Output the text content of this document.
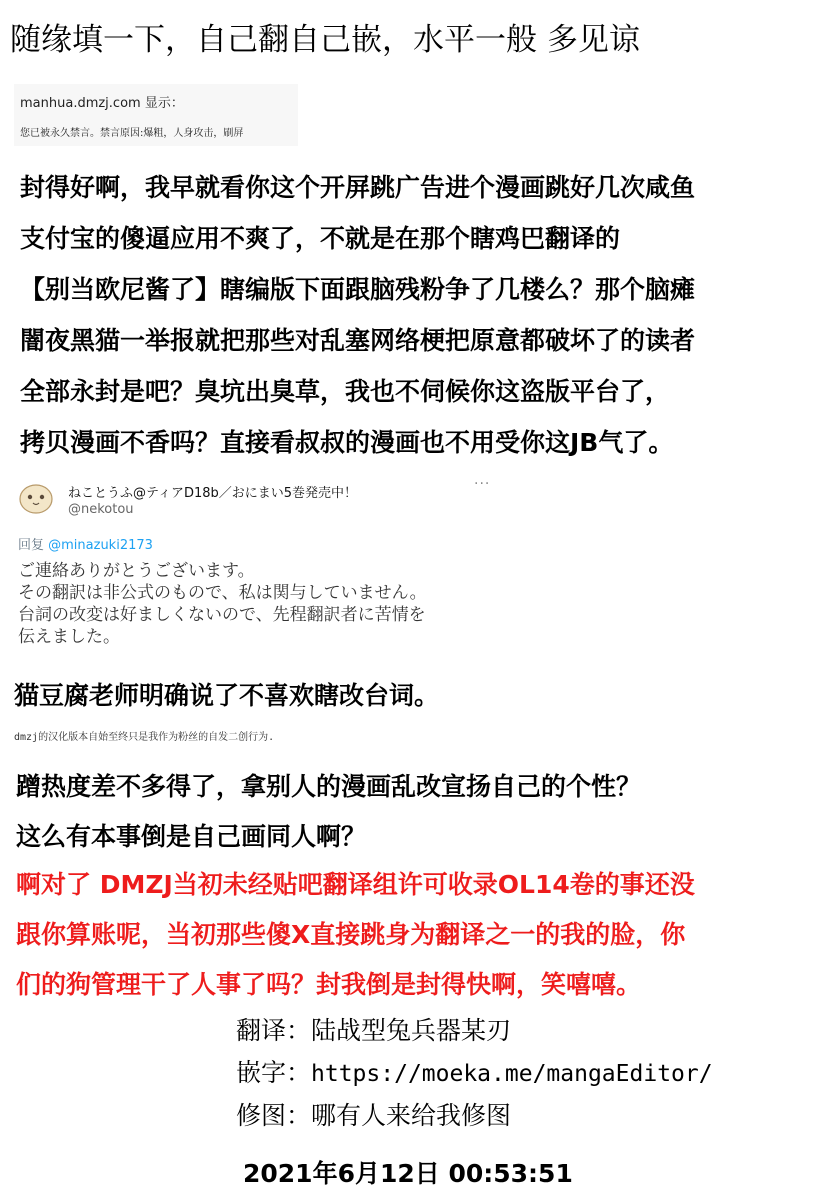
随缘填一下，自己翻自己嵌，水平一般 多见谅
manhua.dmzj.com 显示：
您已被永久禁言。禁言原因:爆粗，人身攻击，刷屏
封得好啊，我早就看你这个开屏跳广告进个漫画跳好几次咸鱼
支付宝的傻逼应用不爽了，不就是在那个瞎鸡巴翻译的
【别当欧尼酱了】瞎编版下面跟脑残粉争了几楼么？那个脑瘫
闇夜黑猫一举报就把那些对乱塞网络梗把原意都破坏了的读者
全部永封是吧？臭坑出臭草，我也不伺候你这盗版平台了，
拷贝漫画不香吗？直接看叔叔的漫画也不用受你这JB气了。
ねことうふ@ティアD18b／おにまい5巻発売中！
@nekotou
···
回复 @minazuki2173
ご連絡ありがとうございます。
その翻訳は非公式のもので、私は関与していません。
台詞の改変は好ましくないので、先程翻訳者に苦情を
伝えました。
猫豆腐老师明确说了不喜欢瞎改台词。
dmzj的汉化版本自始至终只是我作为粉丝的自发二创行为.
蹭热度差不多得了，拿别人的漫画乱改宣扬自己的个性？
这么有本事倒是自己画同人啊？
啊对了 DMZJ当初未经贴吧翻译组许可收录OL14卷的事还没
跟你算账呢，当初那些傻X直接跳身为翻译之一的我的脸，你
们的狗管理干了人事了吗？封我倒是封得快啊，笑嘻嘻。
翻译：陆战型兔兵器某刃
嵌字：https://moeka.me/mangaEditor/
修图：哪有人来给我修图
2021年6月12日 00:53:51
